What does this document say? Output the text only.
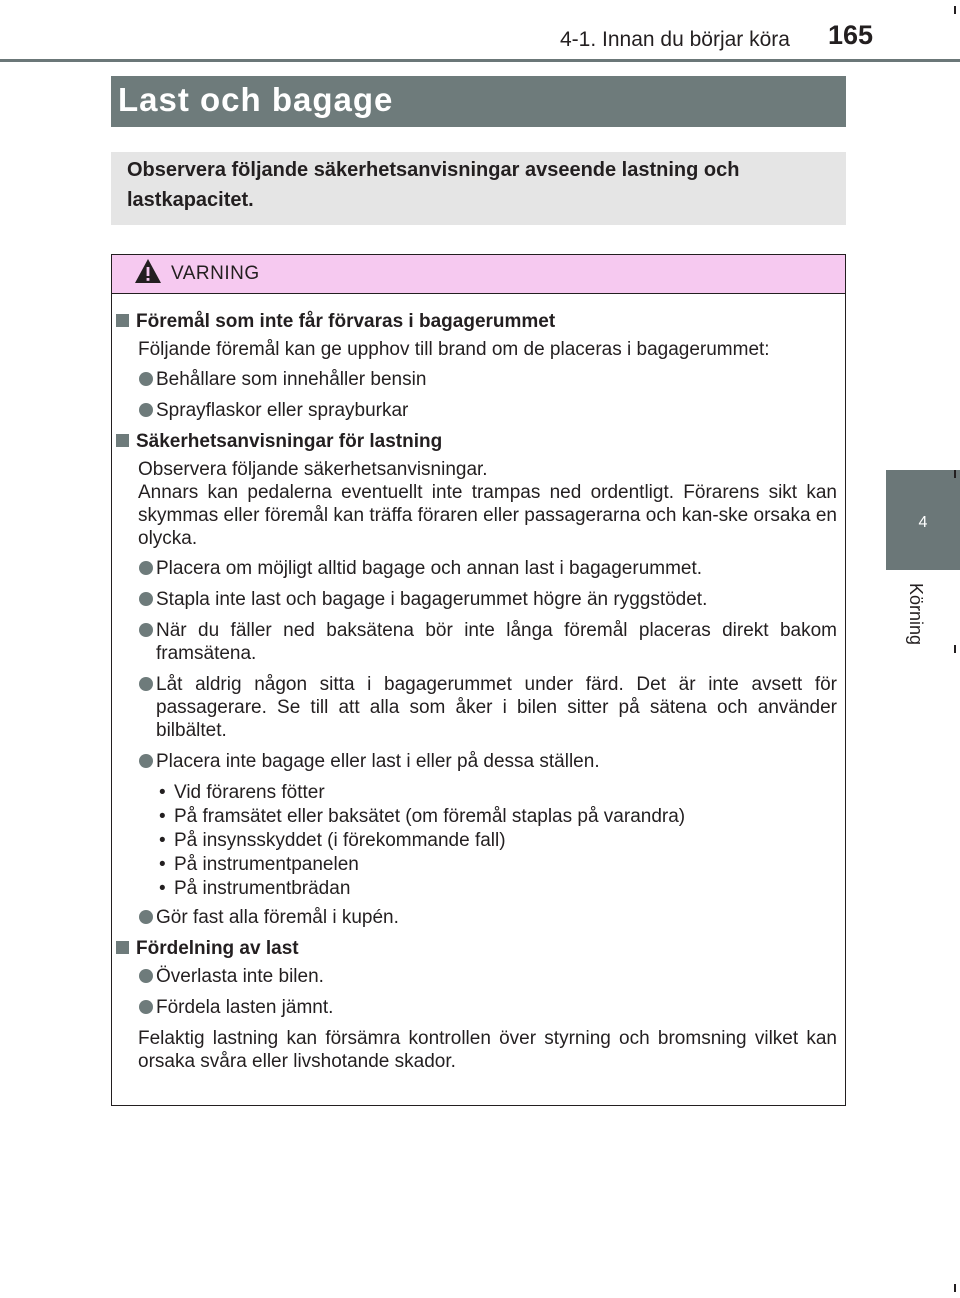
4-1. Innan du börjar köra 165
4
Körning
Last och bagage
Observera följande säkerhetsanvisningar avseende lastning och lastkapacitet.
VARNING
Föremål som inte får förvaras i bagagerummet
Följande föremål kan ge upphov till brand om de placeras i bagagerummet:
Behållare som innehåller bensin
Sprayflaskor eller sprayburkar
Säkerhetsanvisningar för lastning
Observera följande säkerhetsanvisningar.
Annars kan pedalerna eventuellt inte trampas ned ordentligt. Förarens sikt kan skymmas eller föremål kan träffa föraren eller passagerarna och kan-ske orsaka en olycka.
Placera om möjligt alltid bagage och annan last i bagagerummet.
Stapla inte last och bagage i bagagerummet högre än ryggstödet.
När du fäller ned baksätena bör inte långa föremål placeras direkt bakom framsätena.
Låt aldrig någon sitta i bagagerummet under färd. Det är inte avsett för passagerare. Se till att alla som åker i bilen sitter på sätena och använder bilbältet.
Placera inte bagage eller last i eller på dessa ställen.
• Vid förarens fötter
• På framsätet eller baksätet (om föremål staplas på varandra)
• På insynsskyddet (i förekommande fall)
• På instrumentpanelen
• På instrumentbrädan
Gör fast alla föremål i kupén.
Fördelning av last
Överlasta inte bilen.
Fördela lasten jämnt.
Felaktig lastning kan försämra kontrollen över styrning och bromsning vilket kan orsaka svåra eller livshotande skador.
